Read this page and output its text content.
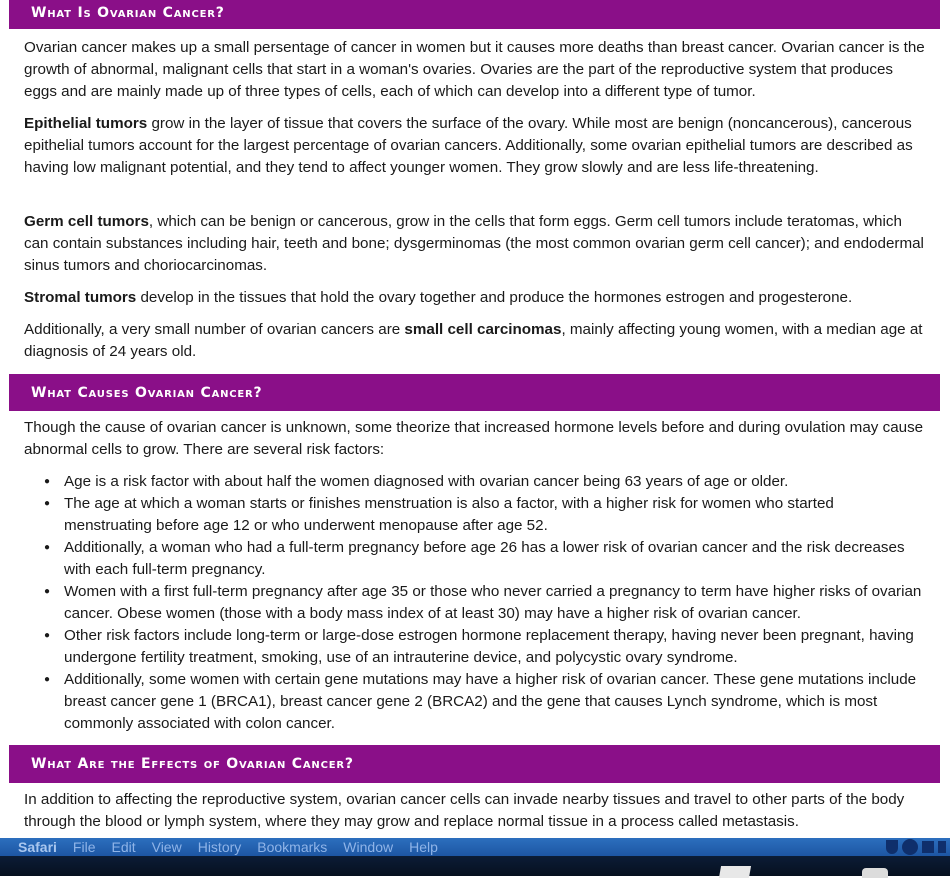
What Is Ovarian Cancer?

Ovarian cancer makes up a small persentage of cancer in women but it causes more deaths than breast cancer. Ovarian cancer is the growth of abnormal, malignant cells that start in a woman's ovaries. Ovaries are the part of the reproductive system that produces eggs and are mainly made up of three types of cells, each of which can develop into a different type of tumor.

Epithelial tumors grow in the layer of tissue that covers the surface of the ovary. While most are benign (noncancerous), cancerous epithelial tumors account for the largest percentage of ovarian cancers. Additionally, some ovarian epithelial tumors are described as having low malignant potential, and they tend to affect younger women. They grow slowly and are less life-threatening.

Germ cell tumors, which can be benign or cancerous, grow in the cells that form eggs. Germ cell tumors include teratomas, which can contain substances including hair, teeth and bone; dysgerminomas (the most common ovarian germ cell cancer); and endodermal sinus tumors and choriocarcinomas.

Stromal tumors develop in the tissues that hold the ovary together and produce the hormones estrogen and progesterone.

Additionally, a very small number of ovarian cancers are small cell carcinomas, mainly affecting young women, with a median age at diagnosis of 24 years old.

What Causes Ovarian Cancer?

Though the cause of ovarian cancer is unknown, some theorize that increased hormone levels before and during ovulation may cause abnormal cells to grow. There are several risk factors:

● Age is a risk factor with about half the women diagnosed with ovarian cancer being 63 years of age or older.
● The age at which a woman starts or finishes menstruation is also a factor, with a higher risk for women who started menstruating before age 12 or who underwent menopause after age 52.
● Additionally, a woman who had a full-term pregnancy before age 26 has a lower risk of ovarian cancer and the risk decreases with each full-term pregnancy.
● Women with a first full-term pregnancy after age 35 or those who never carried a pregnancy to term have higher risks of ovarian cancer. Obese women (those with a body mass index of at least 30) may have a higher risk of ovarian cancer.
● Other risk factors include long-term or large-dose estrogen hormone replacement therapy, having never been pregnant, having undergone fertility treatment, smoking, use of an intrauterine device, and polycystic ovary syndrome.
● Additionally, some women with certain gene mutations may have a higher risk of ovarian cancer. These gene mutations include breast cancer gene 1 (BRCA1), breast cancer gene 2 (BRCA2) and the gene that causes Lynch syndrome, which is most commonly associated with colon cancer.
What Are the Effects of Ovarian Cancer?

In addition to affecting the reproductive system, ovarian cancer cells can invade nearby tissues and travel to other parts of the body through the blood or lymph system, where they may grow and replace normal tissue in a process called metastasis.

Safari	File	Edit	View	History	Bookmarks	Window	Help
